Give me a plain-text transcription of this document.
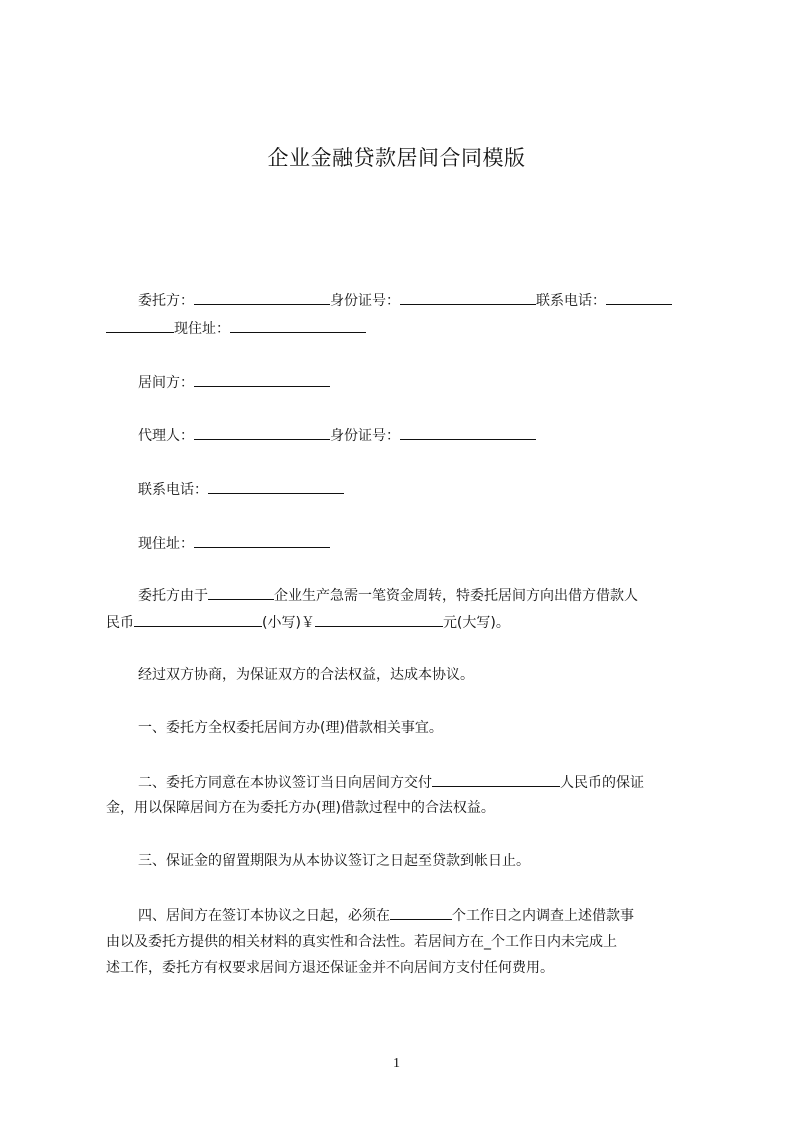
企业金融贷款居间合同模版
委托方：	身份证号：	联系电话：
现住址：
居间方：
代理人：	身份证号：
联系电话：
现住址：
委托方由于	企业生产急需一笔资金周转，特委托居间方向出借方借款人
民币	(小写)￥	元(大写)。
经过双方协商，为保证双方的合法权益，达成本协议。
一、委托方全权委托居间方办(理)借款相关事宜。
二、委托方同意在本协议签订当日向居间方交付	人民币的保证
金，用以保障居间方在为委托方办(理)借款过程中的合法权益。
三、保证金的留置期限为从本协议签订之日起至贷款到帐日止。
四、居间方在签订本协议之日起，必须在	个工作日之内调查上述借款事
由以及委托方提供的相关材料的真实性和合法性。若居间方在_个工作日内未完成上
述工作，委托方有权要求居间方退还保证金并不向居间方支付任何费用。
1
